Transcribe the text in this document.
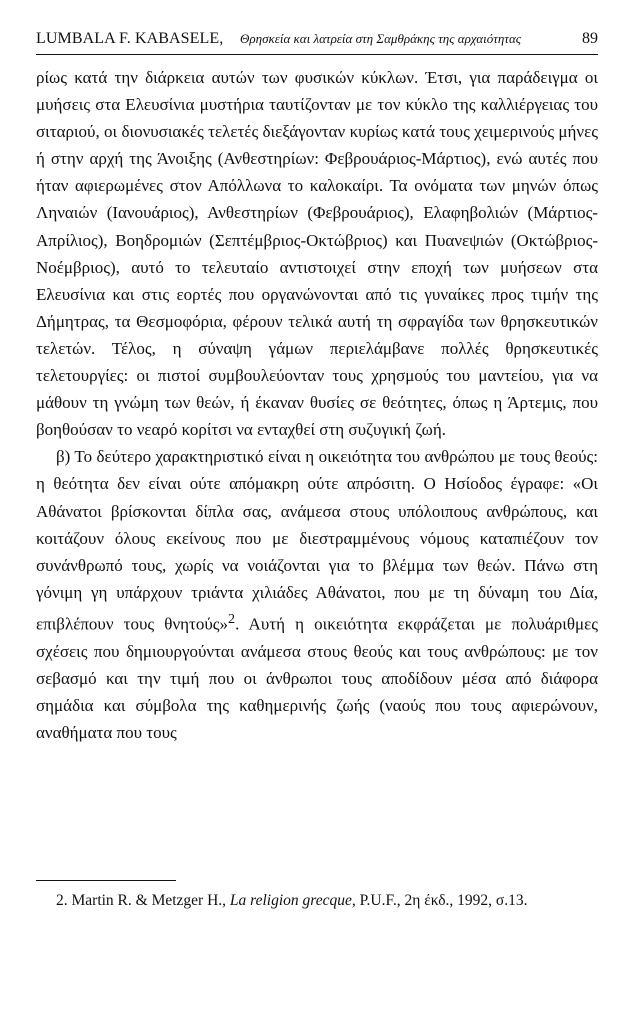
LUMBALA F. KABASELE, Θρησκεία και λατρεία στη Σαμθράκης της αρχαιότητας	89

ρίως κατά την διάρκεια αυτών των φυσικών κύκλων. Έτσι, για παράδειγμα οι μυήσεις στα Ελευσίνια μυστήρια ταυτίζονταν με τον κύκλο της καλλιέργειας του σιταριού, οι διονυσιακές τελετές διεξάγονταν κυρίως κατά τους χειμερινούς μήνες ή στην αρχή της Άνοιξης (Ανθεστηρίων: Φεβρουάριος-Μάρτιος), ενώ αυτές που ήταν αφιερωμένες στον Απόλλωνα το καλοκαίρι. Τα ονόματα των μηνών όπως Ληναιών (Ιανουάριος), Ανθεστηρίων (Φεβρουάριος), Ελαφηβολιών (Μάρτιος-Απρίλιος), Βοηδρομιών (Σεπτέμβριος-Οκτώβριος) και Πυανεψιών (Οκτώβριος-Νοέμβριος), αυτό το τελευταίο αντιστοιχεί στην εποχή των μυήσεων στα Ελευσίνια και στις εορτές που οργανώνονται από τις γυναίκες προς τιμήν της Δήμητρας, τα Θεσμοφόρια, φέρουν τελικά αυτή τη σφραγίδα των θρησκευτικών τελετών. Τέλος, η σύναψη γάμων περιελάμβανε πολλές θρησκευτικές τελετουργίες: οι πιστοί συμβουλεύονταν τους χρησμούς του μαντείου, για να μάθουν τη γνώμη των θεών, ή έκαναν θυσίες σε θεότητες, όπως η Άρτεμις, που βοηθούσαν το νεαρό κορίτσι να ενταχθεί στη συζυγική ζωή.

β) Το δεύτερο χαρακτηριστικό είναι η οικειότητα του ανθρώπου με τους θεούς: η θεότητα δεν είναι ούτε απόμακρη ούτε απρόσιτη. Ο Ησίοδος έγραφε: «Οι Αθάνατοι βρίσκονται δίπλα σας, ανάμεσα στους υπόλοιπους ανθρώπους, και κοιτάζουν όλους εκείνους που με διεστραμμένους νόμους καταπιέζουν τον συνάνθρωπό τους, χωρίς να νοιάζονται για το βλέμμα των θεών. Πάνω στη γόνιμη γη υπάρχουν τριάντα χιλιάδες Αθάνατοι, που με τη δύναμη του Δία, επιβλέπουν τους θνητούς»$^2$. Αυτή η οικειότητα εκφράζεται με πολυάριθμες σχέσεις που δημιουργούνται ανάμεσα στους θεούς και τους ανθρώπους: με τον σεβασμό και την τιμή που οι άνθρωποι τους αποδίδουν μέσα από διάφορα σημάδια και σύμβολα της καθημερινής ζωής (ναούς που τους αφιερώνουν, αναθήματα που τους

2. Martin R. & Metzger H., La religion grecque, P.U.F., 2η έκδ., 1992, σ.13.
